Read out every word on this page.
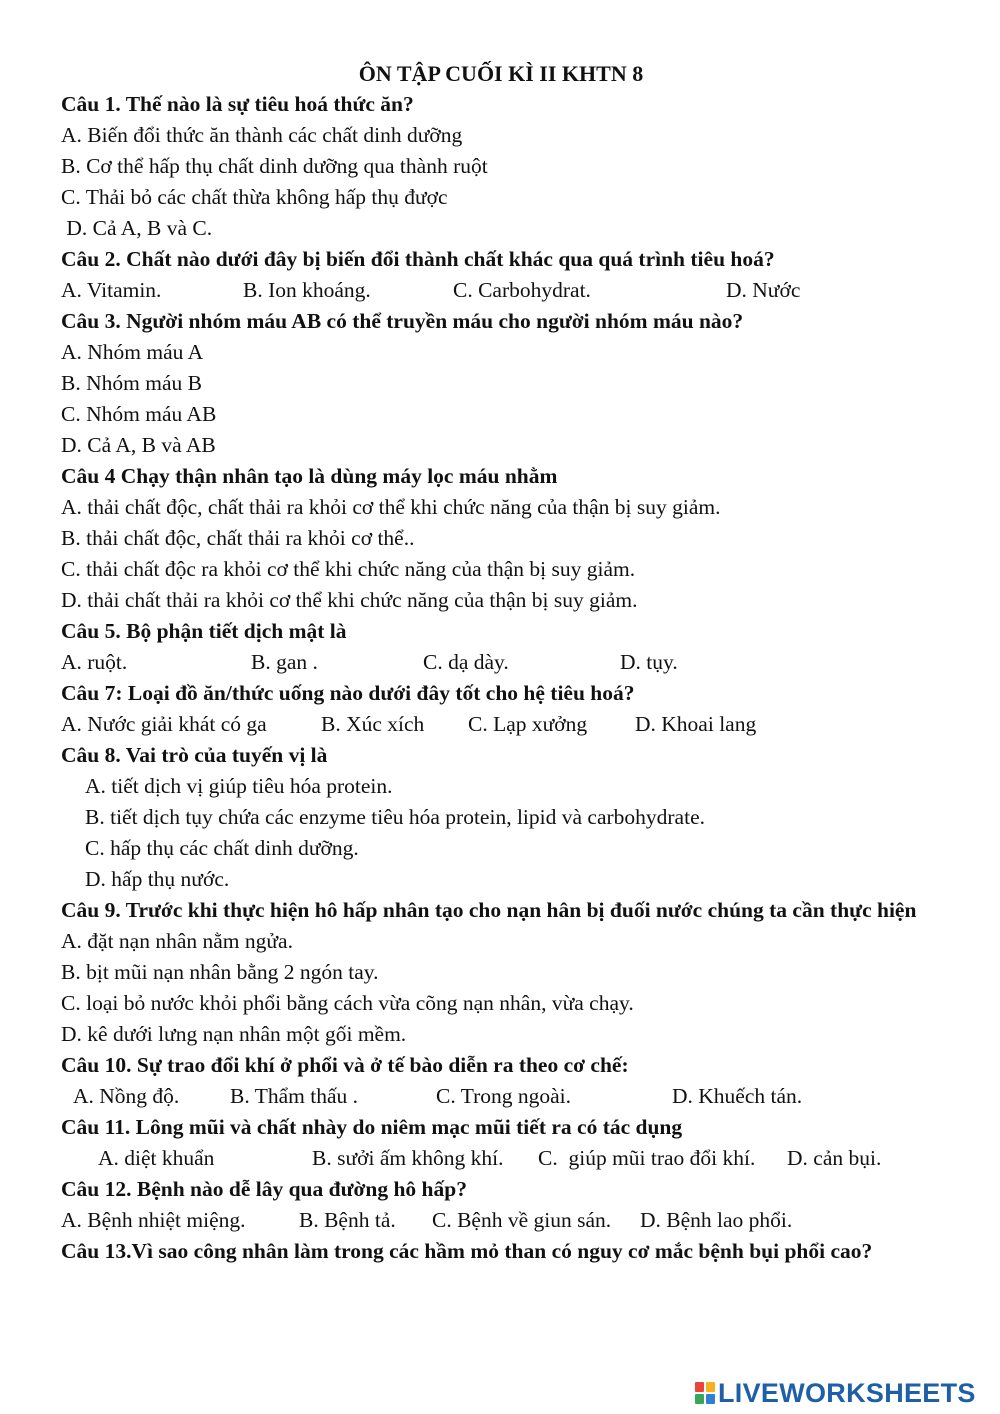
ÔN TẬP CUỐI KÌ II KHTN 8
Câu 1. Thế nào là sự tiêu hoá thức ăn?
A. Biến đổi thức ăn thành các chất dinh dưỡng
B. Cơ thể hấp thụ chất dinh dưỡng qua thành ruột
C. Thải bỏ các chất thừa không hấp thụ được
D. Cả A, B và C.
Câu 2. Chất nào dưới đây bị biến đổi thành chất khác qua quá trình tiêu hoá?
A. Vitamin.	B. Ion khoáng.	C. Carbohydrat.	D. Nước
Câu 3. Người nhóm máu AB có thể truyền máu cho người nhóm máu nào?
A. Nhóm máu A
B. Nhóm máu B
C. Nhóm máu AB
D. Cả A, B và AB
Câu 4 Chạy thận nhân tạo là dùng máy lọc máu nhằm
A. thải chất độc, chất thải ra khỏi cơ thể khi chức năng của thận bị suy giảm.
B. thải chất độc, chất thải ra khỏi cơ thể..
C. thải chất độc ra khỏi cơ thể khi chức năng của thận bị suy giảm.
D. thải chất thải ra khỏi cơ thể khi chức năng của thận bị suy giảm.
Câu 5. Bộ phận tiết dịch mật là
A. ruột.	B. gan .	C. dạ dày.	D. tụy.
Câu 7: Loại đồ ăn/thức uống nào dưới đây tốt cho hệ tiêu hoá?
A. Nước giải khát có ga	B. Xúc xích C. Lạp xưởng D. Khoai lang
Câu 8. Vai trò của tuyến vị là
A. tiết dịch vị giúp tiêu hóa protein.
B. tiết dịch tụy chứa các enzyme tiêu hóa protein, lipid và carbohydrate.
C. hấp thụ các chất dinh dưỡng.
D. hấp thụ nước.
Câu 9. Trước khi thực hiện hô hấp nhân tạo cho nạn hân bị đuối nước chúng ta cần thực hiện
A. đặt nạn nhân nằm ngửa.
B. bịt mũi nạn nhân bằng 2 ngón tay.
C. loại bỏ nước khỏi phổi bằng cách vừa cõng nạn nhân, vừa chạy.
D. kê dưới lưng nạn nhân một gối mềm.
Câu 10. Sự trao đổi khí ở phổi và ở tế bào diễn ra theo cơ chế:
A. Nồng độ. B. Thẩm thấu .	C. Trong ngoài.	D. Khuếch tán.
Câu 11. Lông mũi và chất nhày do niêm mạc mũi tiết ra có tác dụng
A. diệt khuẩn	B. sưởi ấm không khí. C.  giúp mũi trao đổi khí. D. cản bụi.
Câu 12. Bệnh nào dễ lây qua đường hô hấp?
A. Bệnh nhiệt miệng. B. Bệnh tả. C. Bệnh về giun sán. D. Bệnh lao phổi.
Câu 13.Vì sao công nhân làm trong các hầm mỏ than có nguy cơ mắc bệnh bụi phổi cao?
LIVEWORKSHEETS
